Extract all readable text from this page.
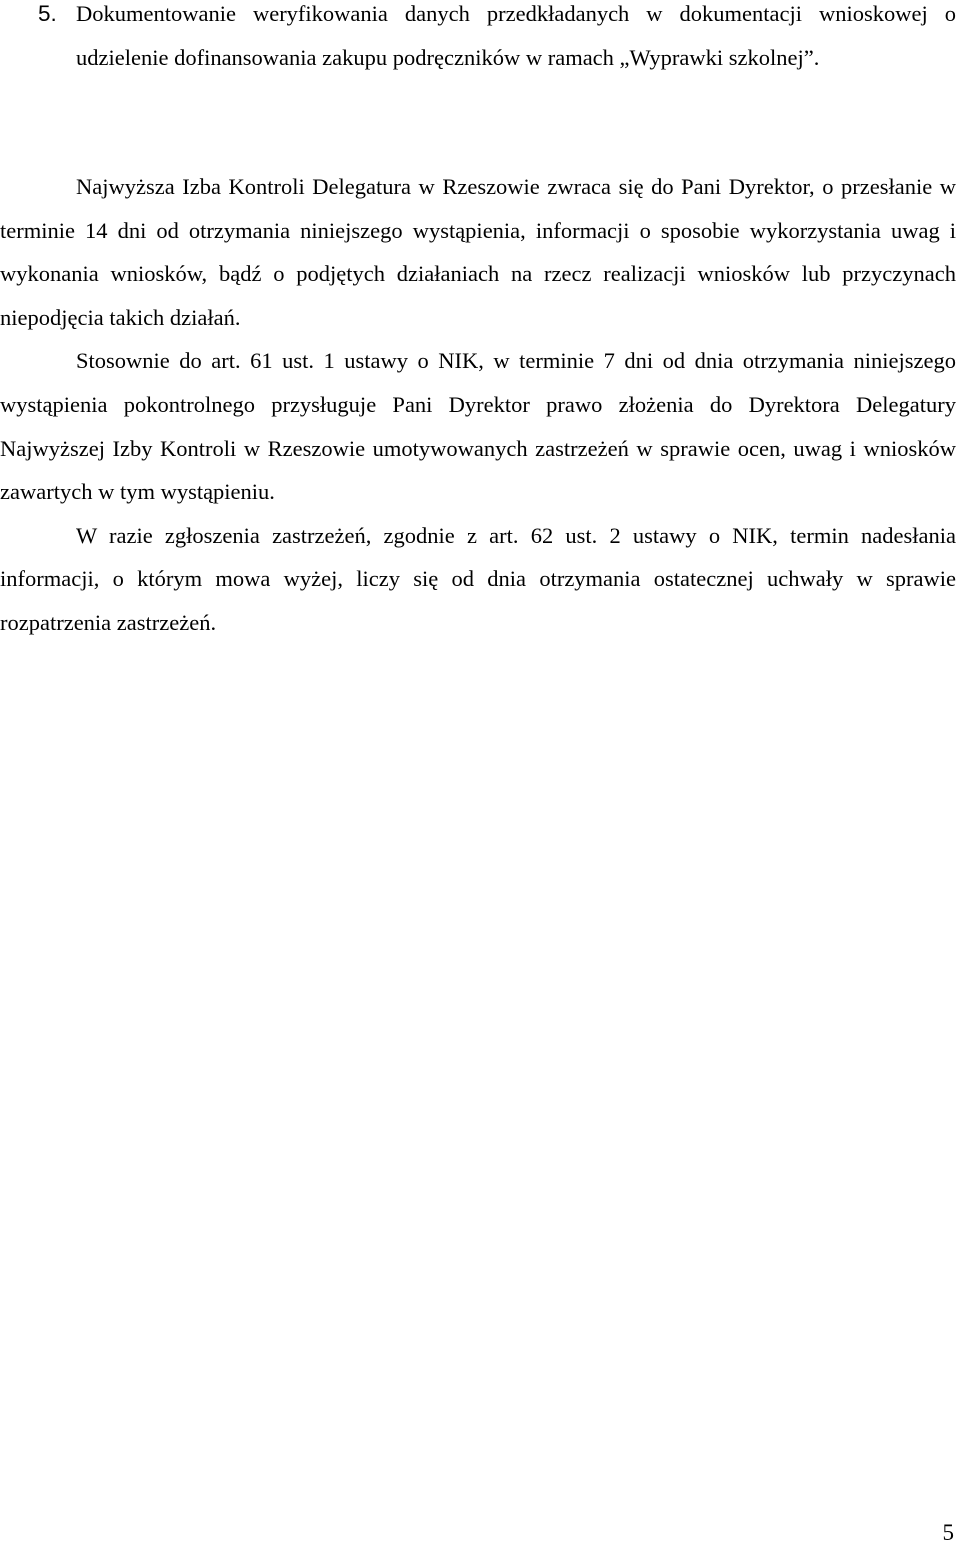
5. Dokumentowanie weryfikowania danych przedkładanych w dokumentacji wnioskowej o udzielenie dofinansowania zakupu podręczników w ramach „Wyprawki szkolnej”.

Najwyższa Izba Kontroli Delegatura w Rzeszowie zwraca się do Pani Dyrektor, o przesłanie w terminie 14 dni od otrzymania niniejszego wystąpienia, informacji o sposobie wykorzystania uwag i wykonania wniosków, bądź o podjętych działaniach na rzecz realizacji wniosków lub przyczynach niepodjęcia takich działań.

Stosownie do art. 61 ust. 1 ustawy o NIK, w terminie 7 dni od dnia otrzymania niniejszego wystąpienia pokontrolnego przysługuje Pani Dyrektor prawo złożenia do Dyrektora Delegatury Najwyższej Izby Kontroli w Rzeszowie umotywowanych zastrzeżeń w sprawie ocen, uwag i wniosków zawartych w tym wystąpieniu.

W razie zgłoszenia zastrzeżeń, zgodnie z art. 62 ust. 2 ustawy o NIK, termin nadesłania informacji, o którym mowa wyżej, liczy się od dnia otrzymania ostatecznej uchwały w sprawie rozpatrzenia zastrzeżeń.

5
